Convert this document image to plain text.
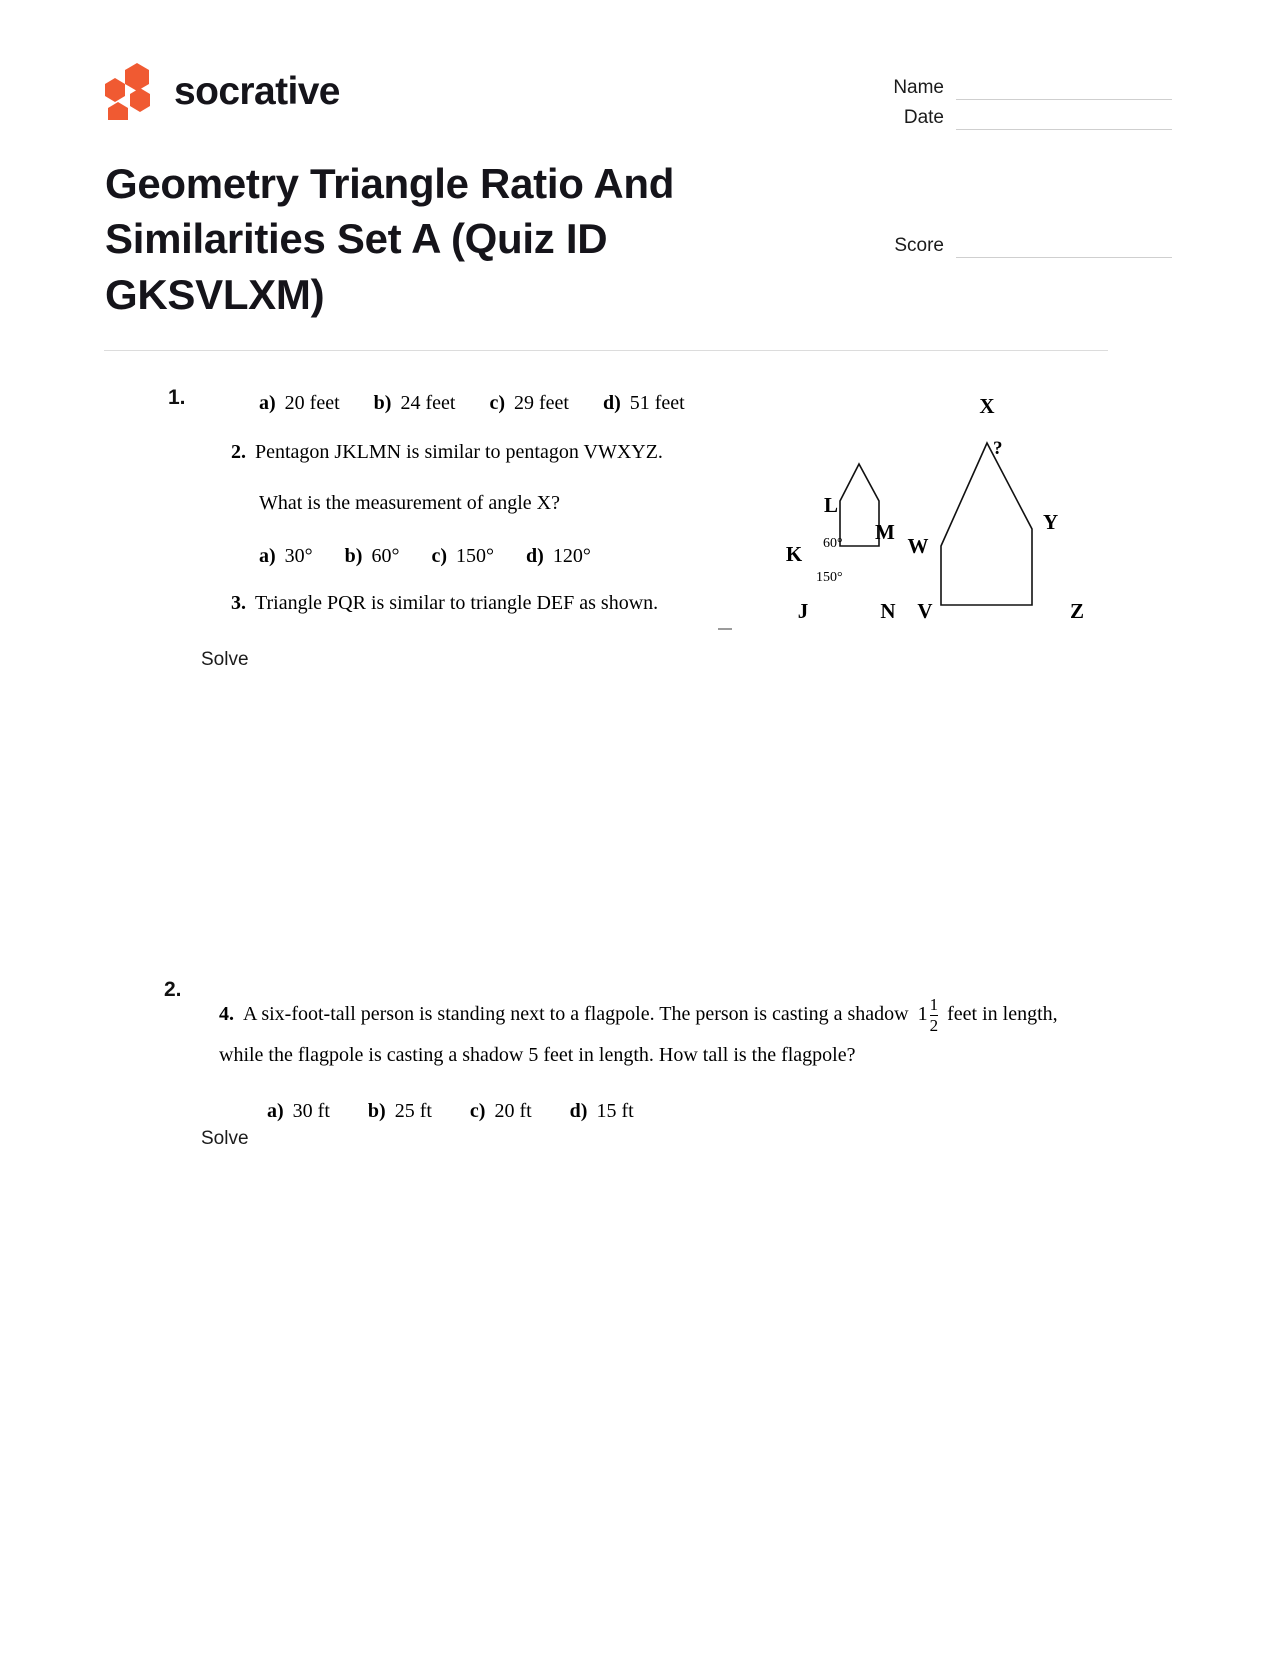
socrative	Name
Date
Score
Geometry Triangle Ratio And Similarities Set A (Quiz ID GKSVLXM)
1.
2.
a) 20 feet b) 24 feet c) 29 feet d) 51 feet
2. Pentagon JKLMN is similar to pentagon VWXYZ.
What is the measurement of angle X?
a) 30° b) 60° c) 150° d) 120°
3. Triangle PQR is similar to triangle DEF as shown.
Solve
Solve
4. A six-foot-tall person is standing next to a flagpole. The person is casting a shadow $1 \frac{1}{2}$ feet in length,
while the flagpole is casting a shadow 5 feet in length. How tall is the flagpole?
a) 30 ft b) 25 ft c) 20 ft d) 15 ft
L
K
M
J	N
60°
150°
X
W
Y
V	Z
?
